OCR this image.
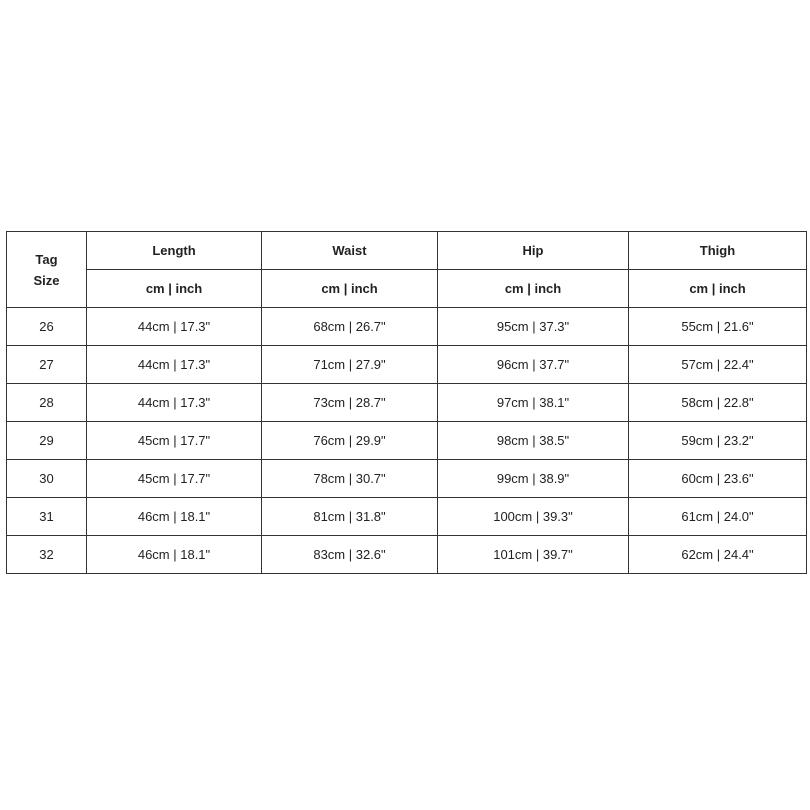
Tag
Size	Length	Waist	Hip	Thigh
	cm | inch	cm | inch	cm | inch	cm | inch
26	44cm | 17.3"	68cm | 26.7"	95cm | 37.3"	55cm | 21.6"
27	44cm | 17.3"	71cm | 27.9"	96cm | 37.7"	57cm | 22.4"
28	44cm | 17.3"	73cm | 28.7"	97cm | 38.1"	58cm | 22.8"
29	45cm | 17.7"	76cm | 29.9"	98cm | 38.5"	59cm | 23.2"
30	45cm | 17.7"	78cm | 30.7"	99cm | 38.9"	60cm | 23.6"
31	46cm | 18.1"	81cm | 31.8"	100cm | 39.3"	61cm | 24.0"
32	46cm | 18.1"	83cm | 32.6"	101cm | 39.7"	62cm | 24.4"
